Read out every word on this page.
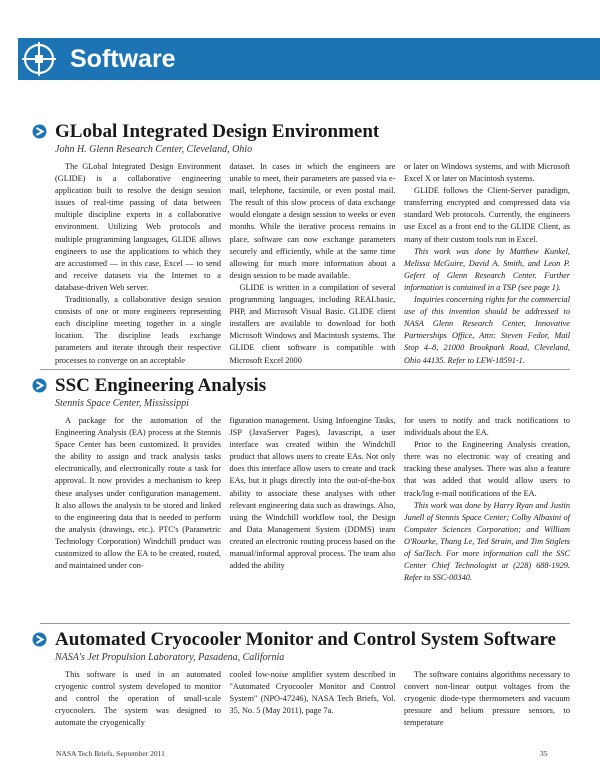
Software
GLobal Integrated Design Environment
John H. Glenn Research Center, Cleveland, Ohio

The GLobal Integrated Design Environment (GLIDE) is a collaborative engineering application built to resolve the design session issues of real-time passing of data between multiple discipline experts in a collaborative environment. Utilizing Web protocols and multiple programming languages, GLIDE allows engineers to use the applications to which they are accustomed — in this case, Excel — to send and receive datasets via the Internet to a database-driven Web server.

Traditionally, a collaborative design session consists of one or more engineers representing each discipline meeting together in a single location. The discipline leads exchange parameters and iterate through their respective processes to converge on an acceptable

dataset. In cases in which the engineers are unable to meet, their parameters are passed via e-mail, telephone, facsimile, or even postal mail. The result of this slow process of data exchange would elongate a design session to weeks or even months. While the iterative process remains in place, software can now exchange parameters securely and efficiently, while at the same time allowing for much more information about a design session to be made available.

GLIDE is written in a compilation of several programming languages, including REALbasic, PHP, and Microsoft Visual Basic. GLIDE client installers are available to download for both Microsoft Windows and Macintosh systems. The GLIDE client software is compatible with Microsoft Excel 2000

or later on Windows systems, and with Microsoft Excel X or later on Macintosh systems.

GLIDE follows the Client-Server paradigm, transferring encrypted and compressed data via standard Web protocols. Currently, the engineers use Excel as a front end to the GLIDE Client, as many of their custom tools run in Excel.

This work was done by Matthew Kunkel, Melissa McGuire, David A. Smith, and Leon P. Gefert of Glenn Research Center. Further information is contained in a TSP (see page 1).

Inquiries concerning rights for the commercial use of this invention should be addressed to NASA Glenn Research Center, Innovative Partnerships Office, Attn: Steven Fedor, Mail Stop 4–8, 21000 Brookpark Road, Cleveland, Ohio 44135. Refer to LEW-18591-1.

SSC Engineering Analysis
Stennis Space Center, Mississippi

A package for the automation of the Engineering Analysis (EA) process at the Stennis Space Center has been customized. It provides the ability to assign and track analysis tasks electronically, and electronically route a task for approval. It now provides a mechanism to keep these analyses under configuration management. It also allows the analysis to be stored and linked to the engineering data that is needed to perform the analysis (drawings, etc.). PTC's (Parametric Technology Corporation) Windchill product was customized to allow the EA to be created, routed, and maintained under con-

figuration management. Using Infoengine Tasks, JSP (JavaServer Pages), Javascript, a user interface was created within the Windchill product that allows users to create EAs. Not only does this interface allow users to create and track EAs, but it plugs directly into the out-of-the-box ability to associate these analyses with other relevant engineering data such as drawings. Also, using the Windchill workflow tool, the Design and Data Management System (DDMS) team created an electronic routing process based on the manual/informal approval process. The team also added the ability

for users to notify and track notifications to individuals about the EA.

Prior to the Engineering Analysis creation, there was no electronic way of creating and tracking these analyses. There was also a feature that was added that would allow users to track/log e-mail notifications of the EA.

This work was done by Harry Ryan and Justin Junell of Stennis Space Center; Colby Albasini of Computer Sciences Corporation; and William O'Rourke, Thang Le, Ted Strain, and Tim Stiglets of SaiTech. For more information call the SSC Center Chief Technologist at (228) 688-1929. Refer to SSC-00340.

Automated Cryocooler Monitor and Control System Software
NASA's Jet Propulsion Laboratory, Pasadena, California

This software is used in an automated cryogenic control system developed to monitor and control the operation of small-scale cryocoolers. The system was designed to automate the cryogenically

cooled low-noise amplifier system described in "Automated Cryocooler Monitor and Control System" (NPO-47246), NASA Tech Briefs, Vol. 35, No. 5 (May 2011), page 7a.

The software contains algorithms necessary to convert non-linear output voltages from the cryogenic diode-type thermometers and vacuum pressure and helium pressure sensors, to temperature

NASA Tech Briefs, September 2011	35
